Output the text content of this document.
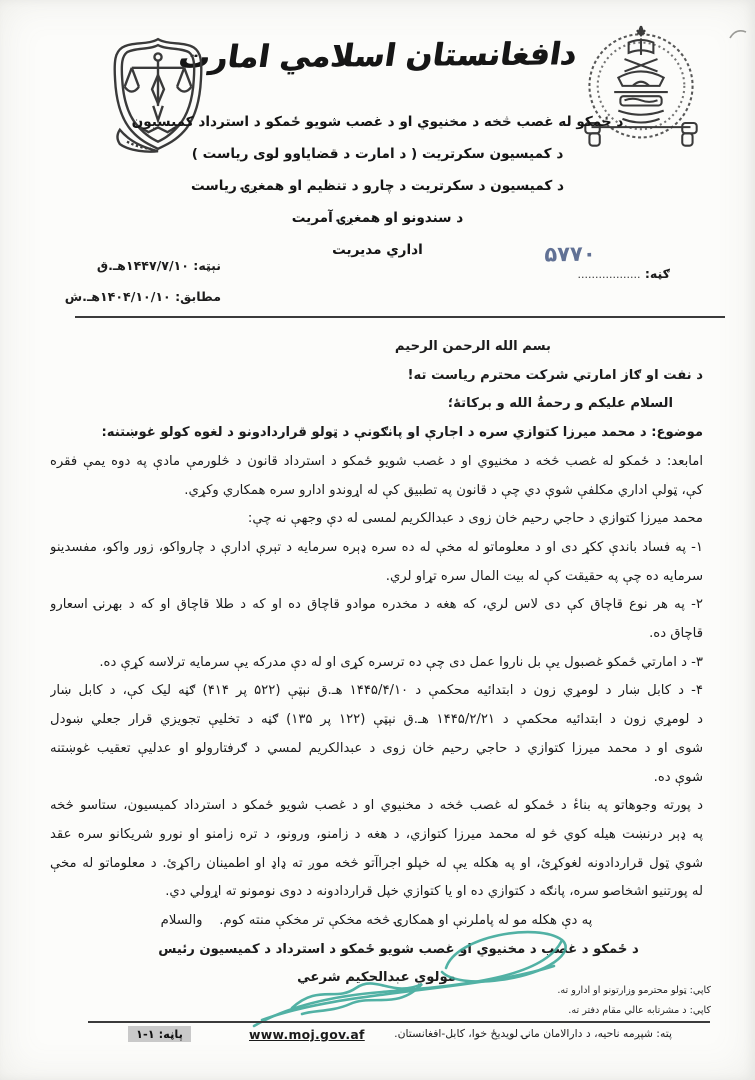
دافغانستان اسلامي امارت
د ځمکو له غصب څخه د مخنیوي او د غصب شویو ځمکو د استرداد کمیسیون
د کمیسیون سکرتریت ( د امارت د قضایاوو لوی ریاست )
د کمیسیون د سکرتریت د چارو د تنظیم او همغږۍ ریاست
د سندونو او همغږۍ آمریت
اداري مدیریت
نېټه: ۱۴۴۷/۷/۱۰هـ.ق
مطابق: ۱۴۰۴/۱۰/۱۰هـ.ش
۵۷۷۰
ګڼه: ..................
بسم الله الرحمن الرحیم
د نفت او ګاز امارتي شرکت محترم ریاست ته!
السلام علیکم و رحمةُ الله و برکاتهٔ؛
موضوع: د محمد میرزا کتوازي سره د اجارې او پانګونې د ټولو قراردادونو د لغوه کولو غوښتنه:
امابعد: د ځمکو له غصب څخه د مخنیوي او د غصب شویو ځمکو د استرداد قانون د څلورمې مادې په دوه یمې فقره
کې، ټولې اداري مکلفې شوې دي چې د قانون په تطبیق کې له اړوندو ادارو سره همکاري وکړي.
محمد میرزا کتوازي د حاجي رحیم خان زوی د عبدالکریم لمسی له دې وجهې نه چې:
۱- په فساد باندې ککړ دی او د معلوماتو له مخې له ده سره ډېره سرمایه د تېرې ادارې د چارواکو، زور واکو، مفسدینو
سرمایه ده چې په حقیقت کې له بیت المال سره تړاو لري.
۲- په هر نوع قاچاق کې دی لاس لري، که هغه د مخدره موادو قاچاق ده او که د طلا قاچاق او که د بهرنۍ اسعارو
قاچاق ده.
۳- د امارتي ځمکو غصبول یې بل ناروا عمل دی چې ده ترسره کړی او له دې مدرکه یې سرمایه ترلاسه کړې ده.
۴- د کابل ښار د لومړي زون د ابتدائیه محکمې د ۱۴۴۵/۴/۱۰ هـ.ق نېټې (۵۲۲ پر ۴۱۴) ګڼه لیک کې، د کابل ښار
د لومړي زون د ابتدائیه محکمې د ۱۴۴۵/۲/۲۱ هـ.ق نېټې (۱۲۲ پر ۱۳۵) ګڼه د تخلیې تجویزي قرار جعلي ښودل
شوی او د محمد میرزا کتوازي د حاجي رحیم خان زوی د عبدالکریم لمسي د ګرفتارولو او عدلیې تعقیب غوښتنه
شوې ده.
د پورته وجوهاتو په بناءٔ د ځمکو له غصب څخه د مخنیوي او د غصب شویو ځمکو د استرداد کمیسیون، ستاسو څخه
په ډېر درنښت هیله کوي څو له محمد میرزا کتوازي، د هغه د زامنو، ورونو، د تره زامنو او نورو شریکانو سره عقد
شوي ټول قراردادونه لغوکړئ، او په هکله یې له خپلو اجراآتو څخه موږ ته ډاډ او اطمینان راکړئ. د معلوماتو له مخې
له پورتنیو اشخاصو سره، پانګه د کتوازي ده او یا کتوازي خپل قراردادونه د دوی نومونو ته اړولي دي.
په دې هکله مو له پاملرنې او همکارۍ څخه مخکې تر مخکې منته کوم.    والسلام
د ځمکو د غصب د مخنیوي او غصب شویو ځمکو د استرداد د کمیسیون رئیس
مولوي عبدالحکیم شرعي
کاپي: ټولو محترمو وزارتونو او ادارو ته.
کاپي: د مشرتابه عالي مقام دفتر ته.
پاڼه: ۱-۱	www.moj.gov.af	پته: شپږمه ناحیه، د دارالامان مانۍ لویدیځ خوا، کابل-افغانستان.
